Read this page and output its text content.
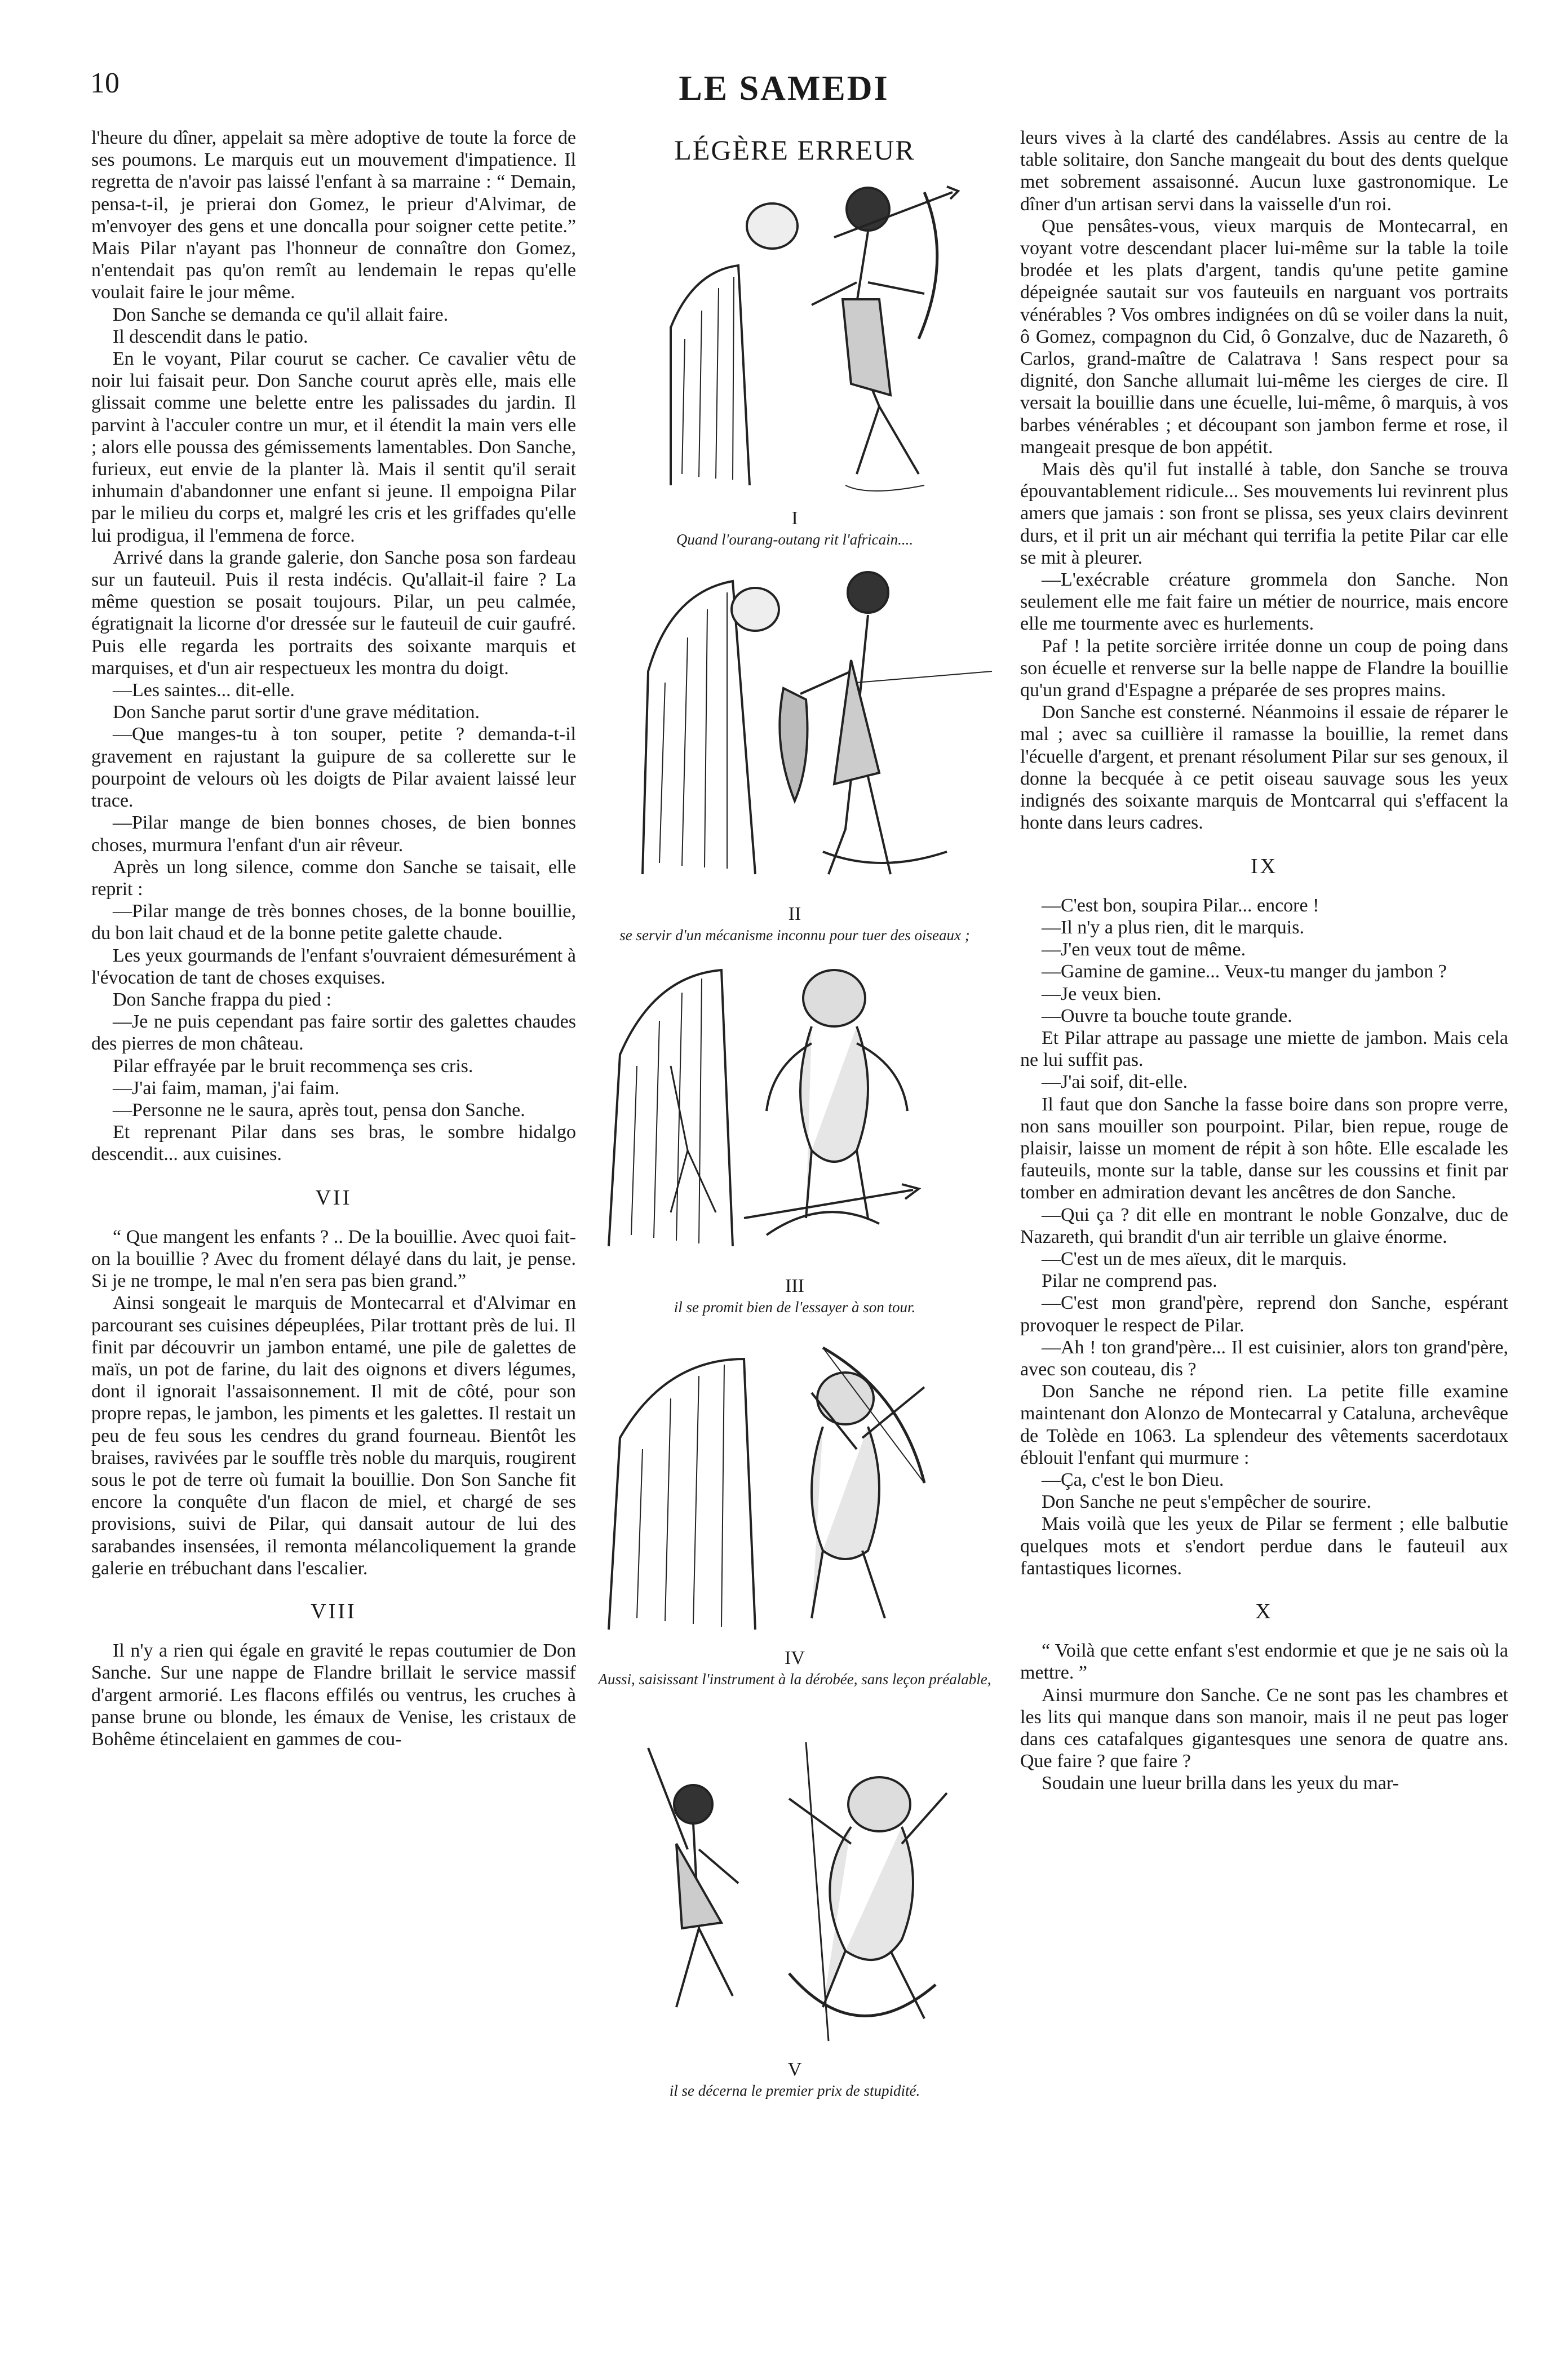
10	LE SAMEDI

l'heure du dîner, appelait sa mère adoptive de toute la force de ses poumons. Le marquis eut un mouvement d'impatience. Il regretta de n'avoir pas laissé l'enfant à sa marraine : “ Demain, pensa-t-il, je prierai don Gomez, le prieur d'Alvimar, de m'envoyer des gens et une doncalla pour soigner cette petite.” Mais Pilar n'ayant pas l'honneur de connaître don Gomez, n'entendait pas qu'on remît au lendemain le repas qu'elle voulait faire le jour même.

Don Sanche se demanda ce qu'il allait faire.

Il descendit dans le patio.

En le voyant, Pilar courut se cacher. Ce cavalier vêtu de noir lui faisait peur. Don Sanche courut après elle, mais elle glissait comme une belette entre les palissades du jardin. Il parvint à l'acculer contre un mur, et il étendit la main vers elle ; alors elle poussa des gémissements lamentables. Don Sanche, furieux, eut envie de la planter là. Mais il sentit qu'il serait inhumain d'abandonner une enfant si jeune. Il empoigna Pilar par le milieu du corps et, malgré les cris et les griffades qu'elle lui prodigua, il l'emmena de force.

Arrivé dans la grande galerie, don Sanche posa son fardeau sur un fauteuil. Puis il resta indécis. Qu'allait-il faire ? La même question se posait toujours. Pilar, un peu calmée, égratignait la licorne d'or dressée sur le fauteuil de cuir gaufré. Puis elle regarda les portraits des soixante marquis et marquises, et d'un air respectueux les montra du doigt.

—Les saintes... dit-elle.

Don Sanche parut sortir d'une grave méditation.

—Que manges-tu à ton souper, petite ? demanda-t-il gravement en rajustant la guipure de sa collerette sur le pourpoint de velours où les doigts de Pilar avaient laissé leur trace.

—Pilar mange de bien bonnes choses, de bien bonnes choses, murmura l'enfant d'un air rêveur.

Après un long silence, comme don Sanche se taisait, elle reprit :

—Pilar mange de très bonnes choses, de la bonne bouillie, du bon lait chaud et de la bonne petite galette chaude.

Les yeux gourmands de l'enfant s'ouvraient démesurément à l'évocation de tant de choses exquises.

Don Sanche frappa du pied :

—Je ne puis cependant pas faire sortir des galettes chaudes des pierres de mon château.

Pilar effrayée par le bruit recommença ses cris.

—J'ai faim, maman, j'ai faim.

—Personne ne le saura, après tout, pensa don Sanche.

Et reprenant Pilar dans ses bras, le sombre hidalgo descendit... aux cuisines.

VII

“ Que mangent les enfants ? .. De la bouillie. Avec quoi fait-on la bouillie ? Avec du froment délayé dans du lait, je pense. Si je ne trompe, le mal n'en sera pas bien grand.”

Ainsi songeait le marquis de Montecarral et d'Alvimar en parcourant ses cuisines dépeuplées, Pilar trottant près de lui. Il finit par découvrir un jambon entamé, une pile de galettes de maïs, un pot de farine, du lait des oignons et divers légumes, dont il ignorait l'assaisonnement. Il mit de côté, pour son propre repas, le jambon, les piments et les galettes. Il restait un peu de feu sous les cendres du grand fourneau. Bientôt les braises, ravivées par le souffle très noble du marquis, rougirent sous le pot de terre où fumait la bouillie. Don Son Sanche fit encore la conquête d'un flacon de miel, et chargé de ses provisions, suivi de Pilar, qui dansait autour de lui des sarabandes insensées, il remonta mélancoliquement la grande galerie en trébuchant dans l'escalier.

VIII

Il n'y a rien qui égale en gravité le repas coutumier de Don Sanche. Sur une nappe de Flandre brillait le service massif d'argent armorié. Les flacons effilés ou ventrus, les cruches à panse brune ou blonde, les émaux de Venise, les cristaux de Bohême étincelaient en gammes de cou-

LÉGÈRE ERREUR
I
Quand l'ourang-outang rit l'africain....
II
se servir d'un mécanisme inconnu pour tuer des oiseaux ;
III
il se promit bien de l'essayer à son tour.
IV
Aussi, saisissant l'instrument à la dérobée, sans leçon préalable,
V
il se décerna le premier prix de stupidité.

leurs vives à la clarté des candélabres. Assis au centre de la table solitaire, don Sanche mangeait du bout des dents quelque met sobrement assaisonné. Aucun luxe gastronomique. Le dîner d'un artisan servi dans la vaisselle d'un roi.

Que pensâtes-vous, vieux marquis de Montecarral, en voyant votre descendant placer lui-même sur la table la toile brodée et les plats d'argent, tandis qu'une petite gamine dépeignée sautait sur vos fauteuils en narguant vos portraits vénérables ? Vos ombres indignées on dû se voiler dans la nuit, ô Gomez, compagnon du Cid, ô Gonzalve, duc de Nazareth, ô Carlos, grand-maître de Calatrava ! Sans respect pour sa dignité, don Sanche allumait lui-même les cierges de cire. Il versait la bouillie dans une écuelle, lui-même, ô marquis, à vos barbes vénérables ; et découpant son jambon ferme et rose, il mangeait presque de bon appétit.

Mais dès qu'il fut installé à table, don Sanche se trouva épouvantablement ridicule... Ses mouvements lui revinrent plus amers que jamais : son front se plissa, ses yeux clairs devinrent durs, et il prit un air méchant qui terrifia la petite Pilar car elle se mit à pleurer.

—L'exécrable créature grommela don Sanche. Non seulement elle me fait faire un métier de nourrice, mais encore elle me tourmente avec es hurlements.

Paf ! la petite sorcière irritée donne un coup de poing dans son écuelle et renverse sur la belle nappe de Flandre la bouillie qu'un grand d'Espagne a préparée de ses propres mains.

Don Sanche est consterné. Néanmoins il essaie de réparer le mal ; avec sa cuillière il ramasse la bouillie, la remet dans l'écuelle d'argent, et prenant résolument Pilar sur ses genoux, il donne la becquée à ce petit oiseau sauvage sous les yeux indignés des soixante marquis de Montcarral qui s'effacent la honte dans leurs cadres.

IX

—C'est bon, soupira Pilar... encore !

—Il n'y a plus rien, dit le marquis.

—J'en veux tout de même.

—Gamine de gamine... Veux-tu manger du jambon ?

—Je veux bien.

—Ouvre ta bouche toute grande.

Et Pilar attrape au passage une miette de jambon. Mais cela ne lui suffit pas.

—J'ai soif, dit-elle.

Il faut que don Sanche la fasse boire dans son propre verre, non sans mouiller son pourpoint. Pilar, bien repue, rouge de plaisir, laisse un moment de répit à son hôte. Elle escalade les fauteuils, monte sur la table, danse sur les coussins et finit par tomber en admiration devant les ancêtres de don Sanche.

—Qui ça ? dit elle en montrant le noble Gonzalve, duc de Nazareth, qui brandit d'un air terrible un glaive énorme.

—C'est un de mes aïeux, dit le marquis.

Pilar ne comprend pas.

—C'est mon grand'père, reprend don Sanche, espérant provoquer le respect de Pilar.

—Ah ! ton grand'père... Il est cuisinier, alors ton grand'père, avec son couteau, dis ?

Don Sanche ne répond rien. La petite fille examine maintenant don Alonzo de Montecarral y Cataluna, archevêque de Tolède en 1063. La splendeur des vêtements sacerdotaux éblouit l'enfant qui murmure :

—Ça, c'est le bon Dieu.

Don Sanche ne peut s'empêcher de sourire.

Mais voilà que les yeux de Pilar se ferment ; elle balbutie quelques mots et s'endort perdue dans le fauteuil aux fantastiques licornes.

X

“ Voilà que cette enfant s'est endormie et que je ne sais où la mettre. ”

Ainsi murmure don Sanche. Ce ne sont pas les chambres et les lits qui manque dans son manoir, mais il ne peut pas loger dans ces catafalques gigantesques une senora de quatre ans. Que faire ? que faire ?

Soudain une lueur brilla dans les yeux du mar-
